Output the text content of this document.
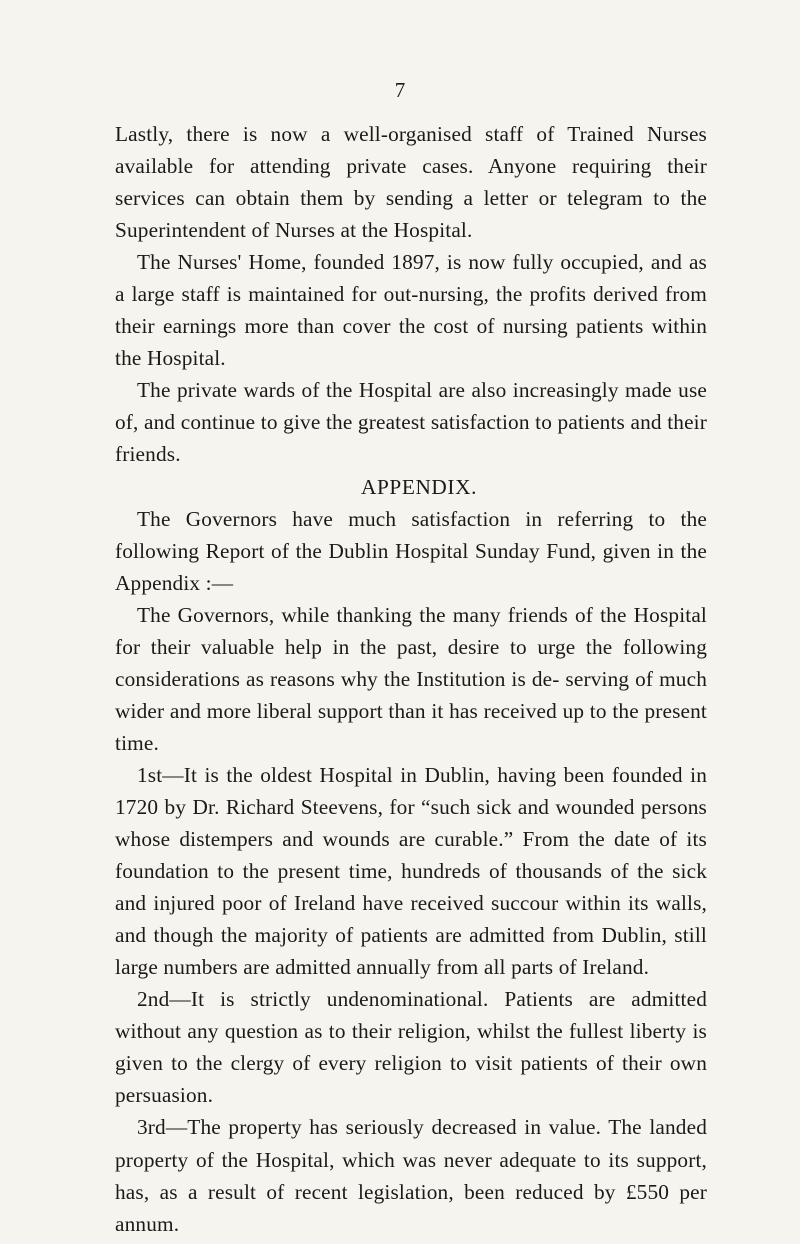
7

Lastly, there is now a well-organised staff of Trained Nurses available for attending private cases. Anyone requiring their services can obtain them by sending a letter or telegram to the Superintendent of Nurses at the Hospital.

The Nurses' Home, founded 1897, is now fully occupied, and as a large staff is maintained for out-nursing, the profits derived from their earnings more than cover the cost of nursing patients within the Hospital.

The private wards of the Hospital are also increasingly made use of, and continue to give the greatest satisfaction to patients and their friends.

APPENDIX.

The Governors have much satisfaction in referring to the following Report of the Dublin Hospital Sunday Fund, given in the Appendix :—

The Governors, while thanking the many friends of the Hospital for their valuable help in the past, desire to urge the following considerations as reasons why the Institution is de- serving of much wider and more liberal support than it has received up to the present time.

1st—It is the oldest Hospital in Dublin, having been founded in 1720 by Dr. Richard Steevens, for “such sick and wounded persons whose distempers and wounds are curable.” From the date of its foundation to the present time, hundreds of thousands of the sick and injured poor of Ireland have received succour within its walls, and though the majority of patients are admitted from Dublin, still large numbers are admitted annually from all parts of Ireland.

2nd—It is strictly undenominational. Patients are admitted without any question as to their religion, whilst the fullest liberty is given to the clergy of every religion to visit patients of their own persuasion.

3rd—The property has seriously decreased in value. The landed property of the Hospital, which was never adequate to its support, has, as a result of recent legislation, been reduced by £550 per annum.
